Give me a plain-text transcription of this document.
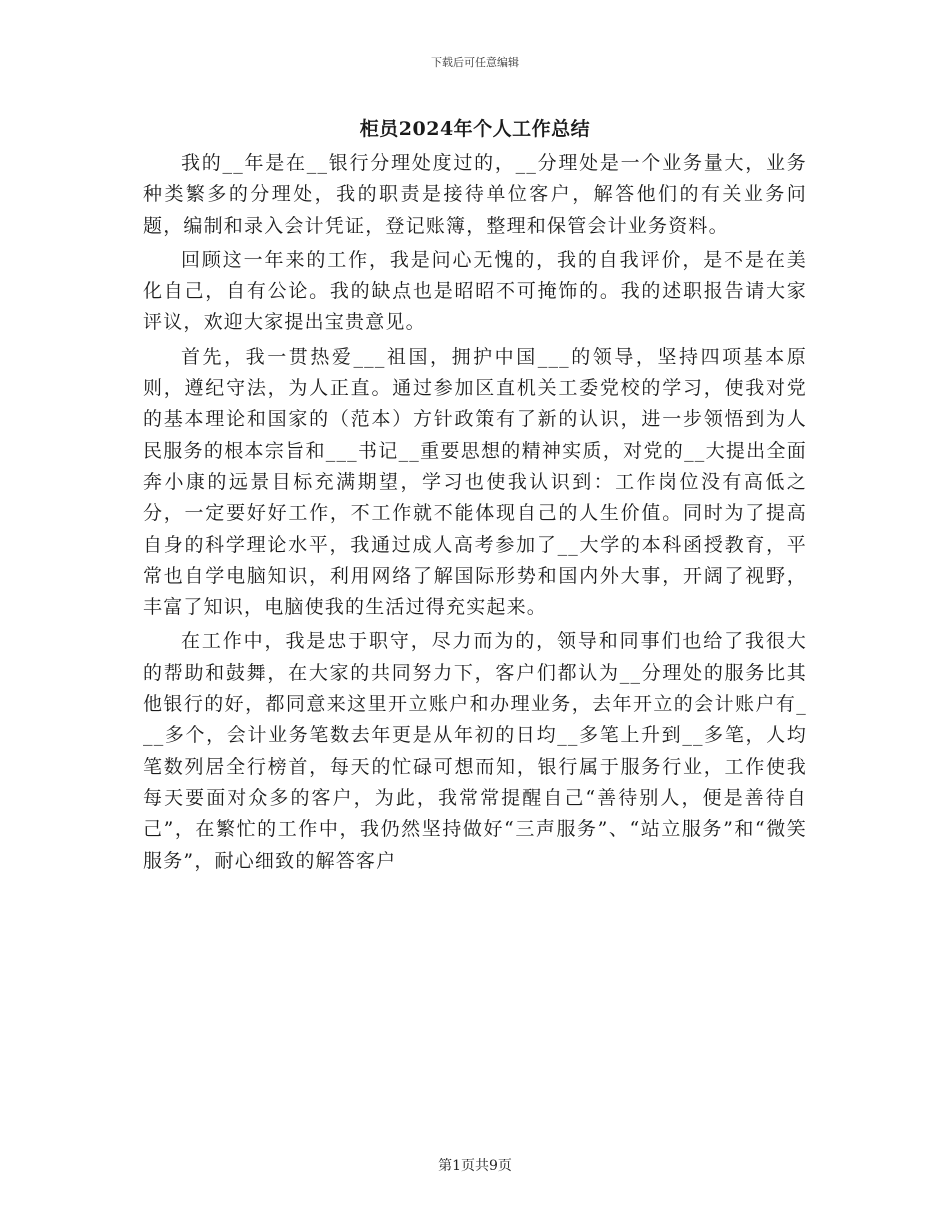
下载后可任意编辑
柜员2024年个人工作总结

我的__年是在__银行分理处度过的，__分理处是一个业务量大，业务种类繁多的分理处，我的职责是接待单位客户，解答他们的有关业务问题，编制和录入会计凭证，登记账簿，整理和保管会计业务资料。

回顾这一年来的工作，我是问心无愧的，我的自我评价，是不是在美化自己，自有公论。我的缺点也是昭昭不可掩饰的。我的述职报告请大家评议，欢迎大家提出宝贵意见。

首先，我一贯热爱___祖国，拥护中国___的领导，坚持四项基本原则，遵纪守法，为人正直。通过参加区直机关工委党校的学习，使我对党的基本理论和国家的（范本）方针政策有了新的认识，进一步领悟到为人民服务的根本宗旨和___书记__重要思想的精神实质，对党的__大提出全面奔小康的远景目标充满期望，学习也使我认识到：工作岗位没有高低之分，一定要好好工作，不工作就不能体现自己的人生价值。同时为了提高自身的科学理论水平，我通过成人高考参加了__大学的本科函授教育，平常也自学电脑知识，利用网络了解国际形势和国内外大事，开阔了视野，丰富了知识，电脑使我的生活过得充实起来。

在工作中，我是忠于职守，尽力而为的，领导和同事们也给了我很大的帮助和鼓舞，在大家的共同努力下，客户们都认为__分理处的服务比其他银行的好，都同意来这里开立账户和办理业务，去年开立的会计账户有___多个，会计业务笔数去年更是从年初的日均__多笔上升到__多笔，人均笔数列居全行榜首，每天的忙碌可想而知，银行属于服务行业，工作使我每天要面对众多的客户，为此，我常常提醒自己“善待别人，便是善待自己”，在繁忙的工作中，我仍然坚持做好“三声服务”、“站立服务”和“微笑服务”，耐心细致的解答客户

第1页共9页
